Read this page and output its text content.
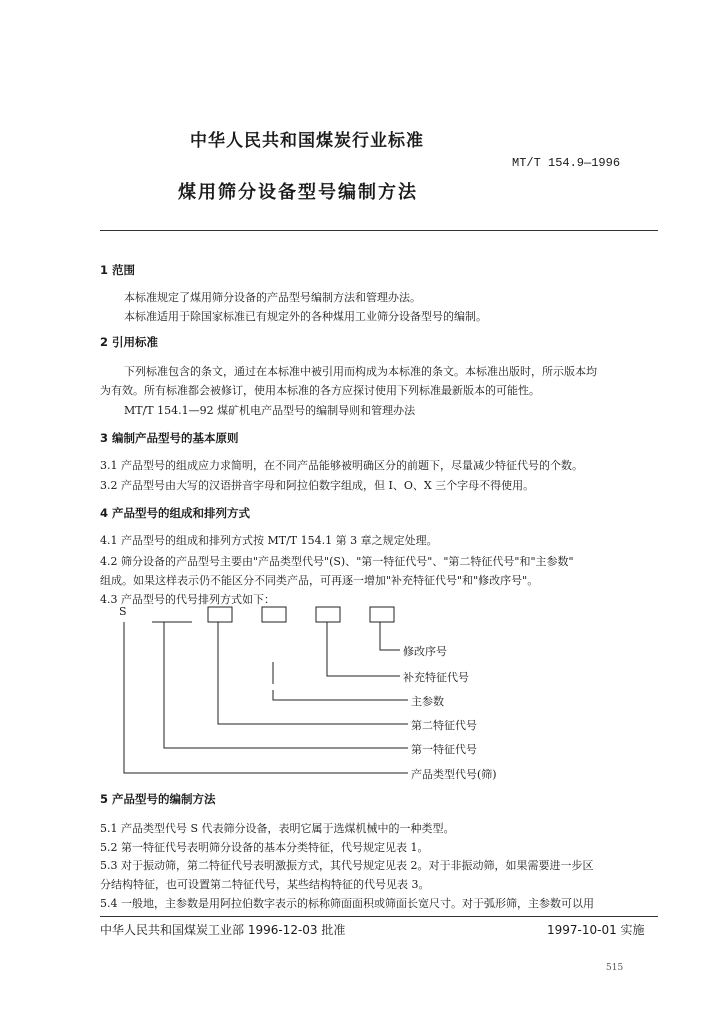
中华人民共和国煤炭行业标准
MT/T 154.9—1996
煤用筛分设备型号编制方法
1 范围
本标准规定了煤用筛分设备的产品型号编制方法和管理办法。
本标准适用于除国家标准已有规定外的各种煤用工业筛分设备型号的编制。
2 引用标准
下列标准包含的条文，通过在本标准中被引用而构成为本标准的条文。本标准出版时，所示版本均
为有效。所有标准都会被修订，使用本标准的各方应探讨使用下列标准最新版本的可能性。
MT/T 154.1—92 煤矿机电产品型号的编制导则和管理办法
3 编制产品型号的基本原则
3.1 产品型号的组成应力求简明，在不同产品能够被明确区分的前题下，尽量减少特征代号的个数。
3.2 产品型号由大写的汉语拼音字母和阿拉伯数字组成，但 I、O、X 三个字母不得使用。
4 产品型号的组成和排列方式
4.1 产品型号的组成和排列方式按 MT/T 154.1 第 3 章之规定处理。
4.2 筛分设备的产品型号主要由"产品类型代号"(S)、"第一特征代号"、"第二特征代号"和"主参数"
组成。如果这样表示仍不能区分不同类产品，可再逐一增加"补充特征代号"和"修改序号"。
4.3 产品型号的代号排列方式如下：
S
修改序号
补充特征代号
主参数
第二特征代号
第一特征代号
产品类型代号(筛)
5 产品型号的编制方法
5.1 产品类型代号 S 代表筛分设备，表明它属于选煤机械中的一种类型。
5.2 第一特征代号表明筛分设备的基本分类特征，代号规定见表 1。
5.3 对于振动筛，第二特征代号表明激振方式，其代号规定见表 2。对于非振动筛，如果需要进一步区
分结构特征，也可设置第二特征代号，某些结构特征的代号见表 3。
5.4 一般地，主参数是用阿拉伯数字表示的标称筛面面积或筛面长宽尺寸。对于弧形筛，主参数可以用
中华人民共和国煤炭工业部 1996-12-03 批准	1997-10-01 实施
515
